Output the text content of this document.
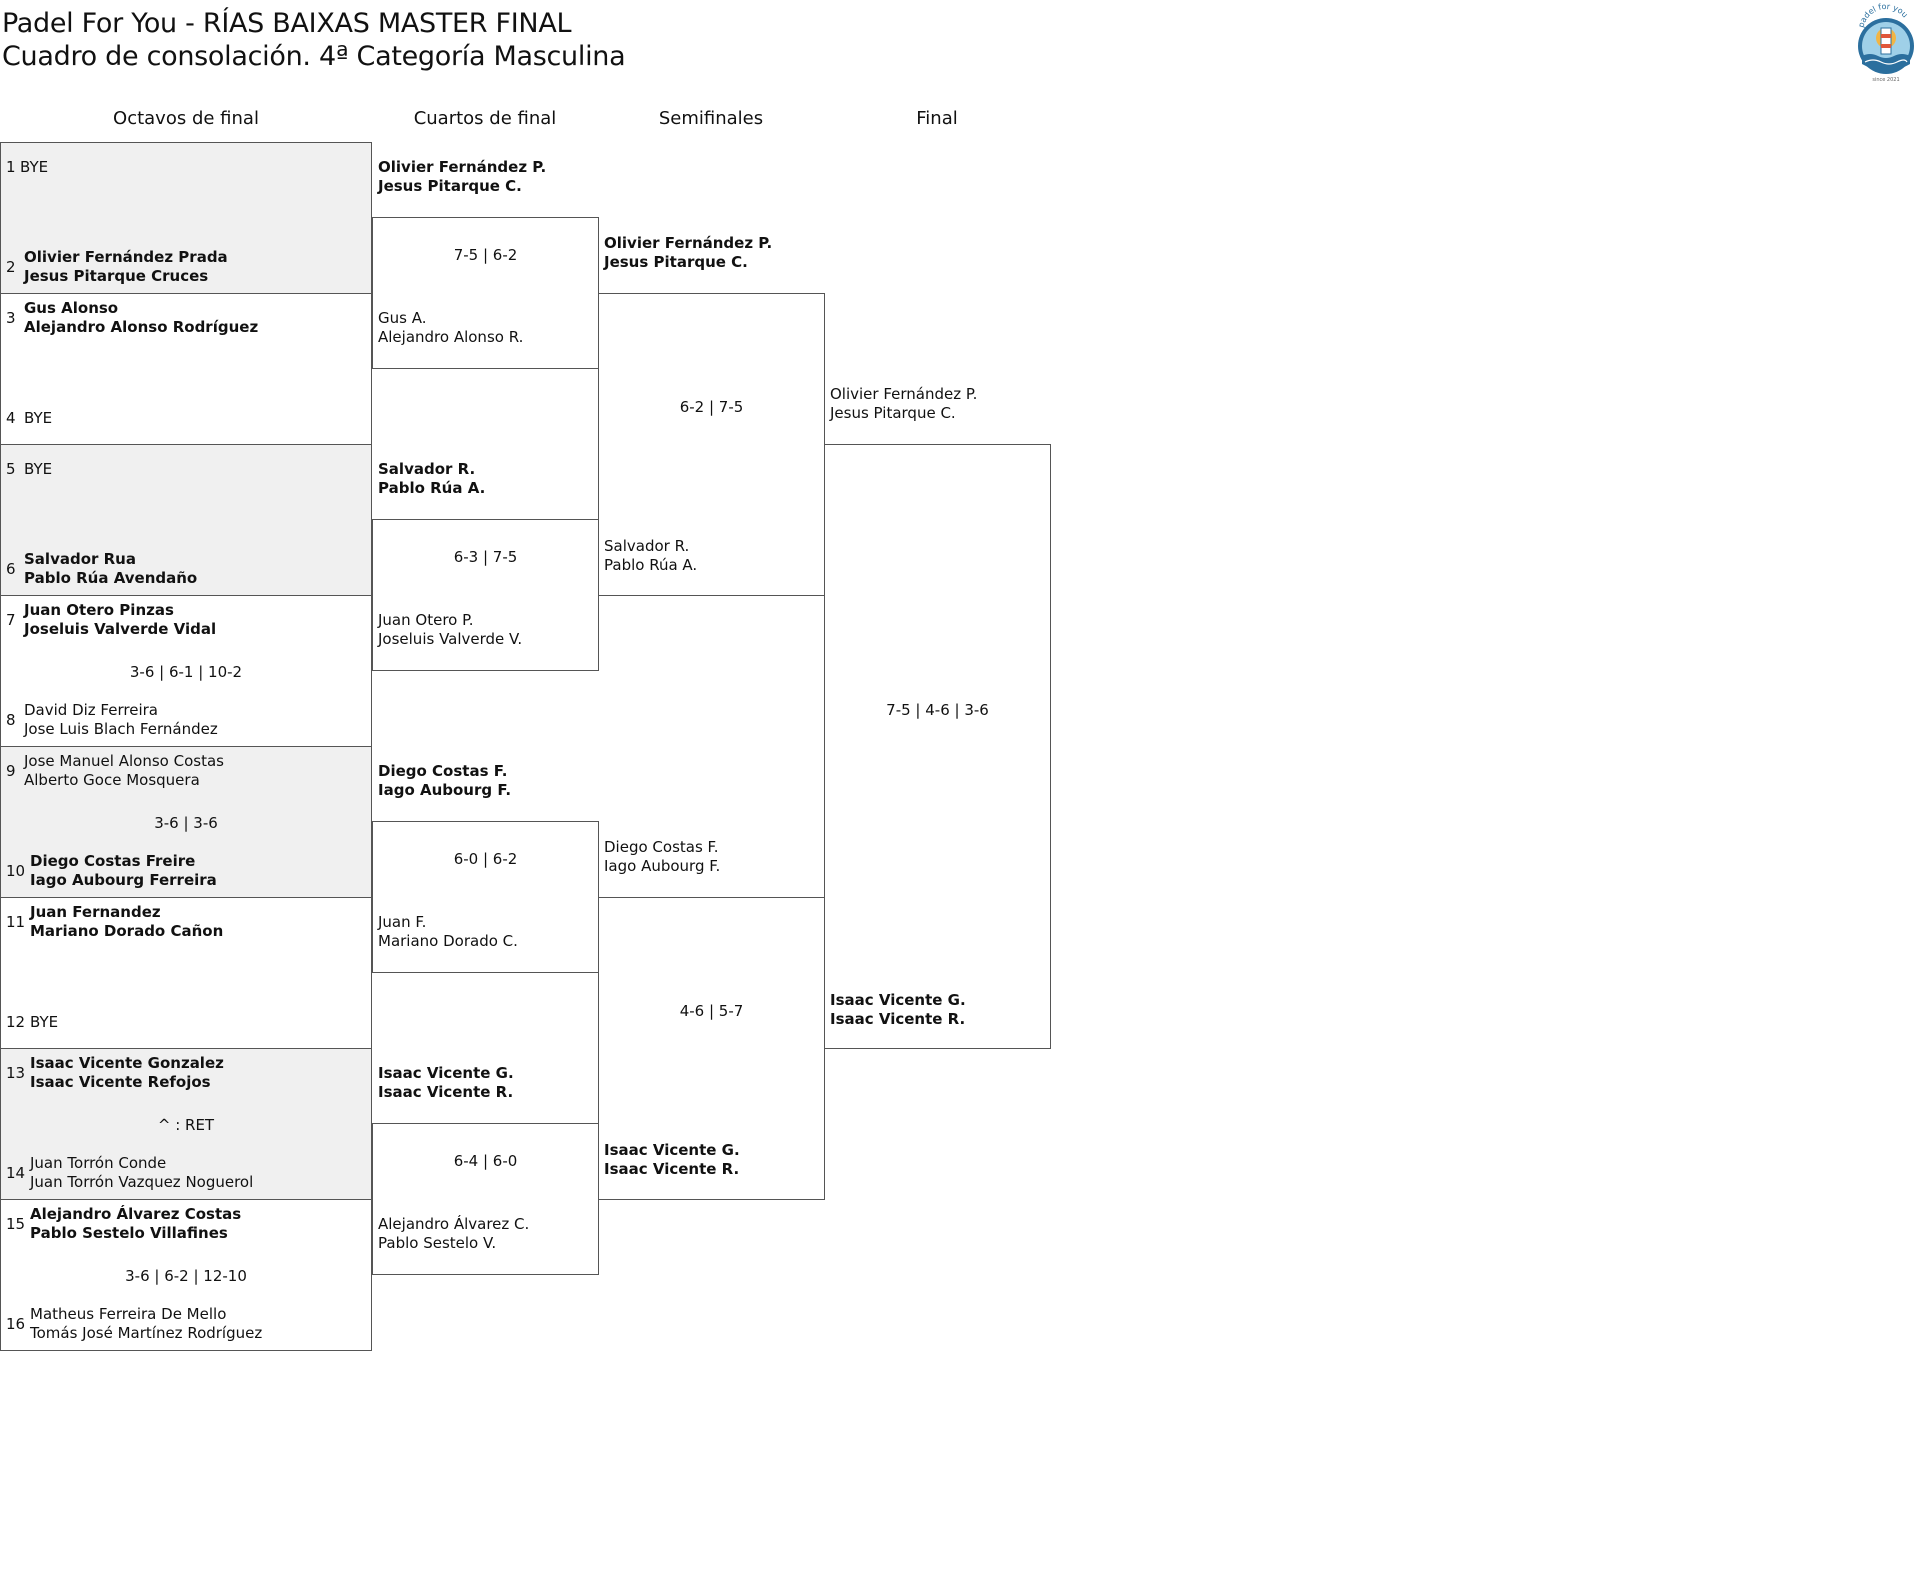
Padel For You - RÍAS BAIXAS MASTER FINAL
Cuadro de consolación. 4ª Categoría Masculina
padel for you
since 2021
Octavos de final	Cuartos de final	Semifinales	Final
3-6 | 6-1 | 10-2
3-6 | 3-6
^ : RET
3-6 | 6-2 | 12-10
1 BYE
2
Olivier Fernández Prada
Jesus Pitarque Cruces
3
Gus Alonso
Alejandro Alonso Rodríguez
4 BYE
5 BYE
6
Salvador Rua
Pablo Rúa Avendaño
7
Juan Otero Pinzas
Joseluis Valverde Vidal
8
David Diz Ferreira
Jose Luis Blach Fernández
9
Jose Manuel Alonso Costas
Alberto Goce Mosquera
10
Diego Costas Freire
Iago Aubourg Ferreira
11
Juan Fernandez
Mariano Dorado Cañon
12 BYE
13
Isaac Vicente Gonzalez
Isaac Vicente Refojos
14
Juan Torrón Conde
Juan Torrón Vazquez Noguerol
15
Alejandro Álvarez Costas
Pablo Sestelo Villafines
16
Matheus Ferreira De Mello
Tomás José Martínez Rodríguez
7-5 | 6-2
6-3 | 7-5
6-0 | 6-2
6-4 | 6-0
Olivier Fernández P.
Jesus Pitarque C.
Gus A.
Alejandro Alonso R.
Salvador R.
Pablo Rúa A.
Juan Otero P.
Joseluis Valverde V.
Diego Costas F.
Iago Aubourg F.
Juan F.
Mariano Dorado C.
Isaac Vicente G.
Isaac Vicente R.
Alejandro Álvarez C.
Pablo Sestelo V.
6-2 | 7-5
4-6 | 5-7
Olivier Fernández P.
Jesus Pitarque C.
Salvador R.
Pablo Rúa A.
Diego Costas F.
Iago Aubourg F.
Isaac Vicente G.
Isaac Vicente R.
7-5 | 4-6 | 3-6
Olivier Fernández P.
Jesus Pitarque C.
Isaac Vicente G.
Isaac Vicente R.
